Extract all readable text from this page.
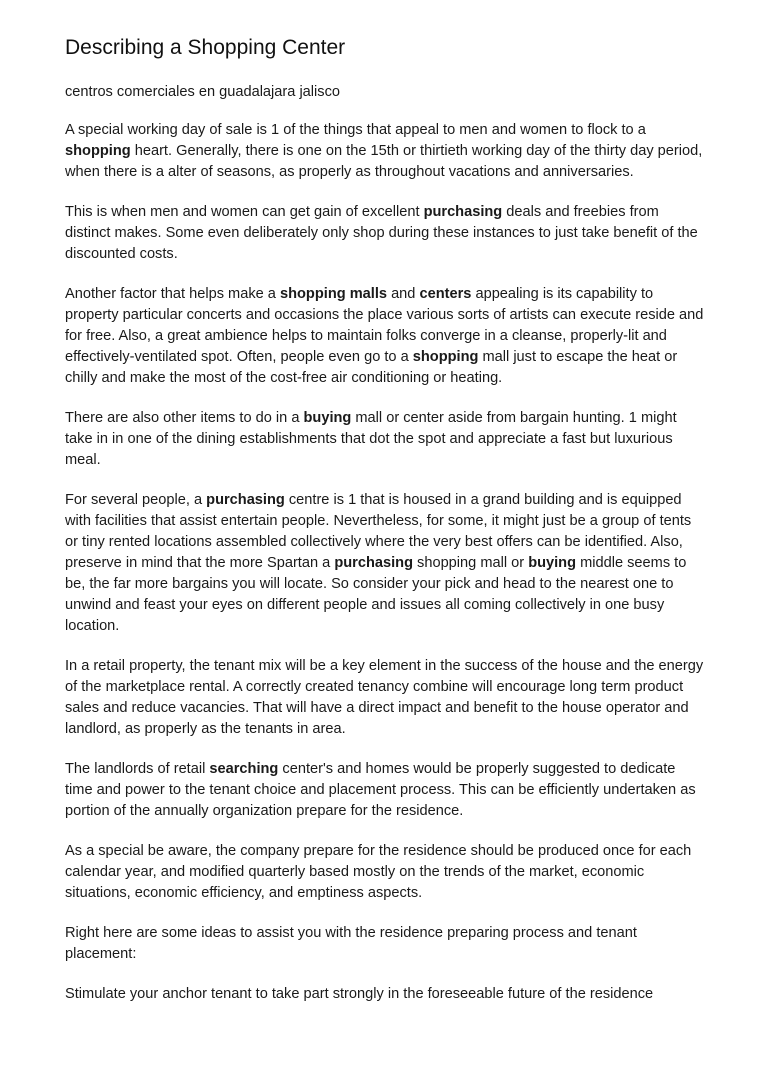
Describing a Shopping Center
centros comerciales en guadalajara jalisco

A special working day of sale is 1 of the things that appeal to men and women to flock to a shopping heart. Generally, there is one on the 15th or thirtieth working day of the thirty day period, when there is a alter of seasons, as properly as throughout vacations and anniversaries.

This is when men and women can get gain of excellent purchasing deals and freebies from distinct makes. Some even deliberately only shop during these instances to just take benefit of the discounted costs.

Another factor that helps make a shopping malls and centers appealing is its capability to property particular concerts and occasions the place various sorts of artists can execute reside and for free. Also, a great ambience helps to maintain folks converge in a cleanse, properly-lit and effectively-ventilated spot. Often, people even go to a shopping mall just to escape the heat or chilly and make the most of the cost-free air conditioning or heating.

There are also other items to do in a buying mall or center aside from bargain hunting. 1 might take in in one of the dining establishments that dot the spot and appreciate a fast but luxurious meal.

For several people, a purchasing centre is 1 that is housed in a grand building and is equipped with facilities that assist entertain people. Nevertheless, for some, it might just be a group of tents or tiny rented locations assembled collectively where the very best offers can be identified. Also, preserve in mind that the more Spartan a purchasing shopping mall or buying middle seems to be, the far more bargains you will locate. So consider your pick and head to the nearest one to unwind and feast your eyes on different people and issues all coming collectively in one busy location.

In a retail property, the tenant mix will be a key element in the success of the house and the energy of the marketplace rental. A correctly created tenancy combine will encourage long term product sales and reduce vacancies. That will have a direct impact and benefit to the house operator and landlord, as properly as the tenants in area.

The landlords of retail searching center's and homes would be properly suggested to dedicate time and power to the tenant choice and placement process. This can be efficiently undertaken as portion of the annually organization prepare for the residence.

As a special be aware, the company prepare for the residence should be produced once for each calendar year, and modified quarterly based mostly on the trends of the market, economic situations, economic efficiency, and emptiness aspects.

Right here are some ideas to assist you with the residence preparing process and tenant placement:

Stimulate your anchor tenant to take part strongly in the foreseeable future of the residence
